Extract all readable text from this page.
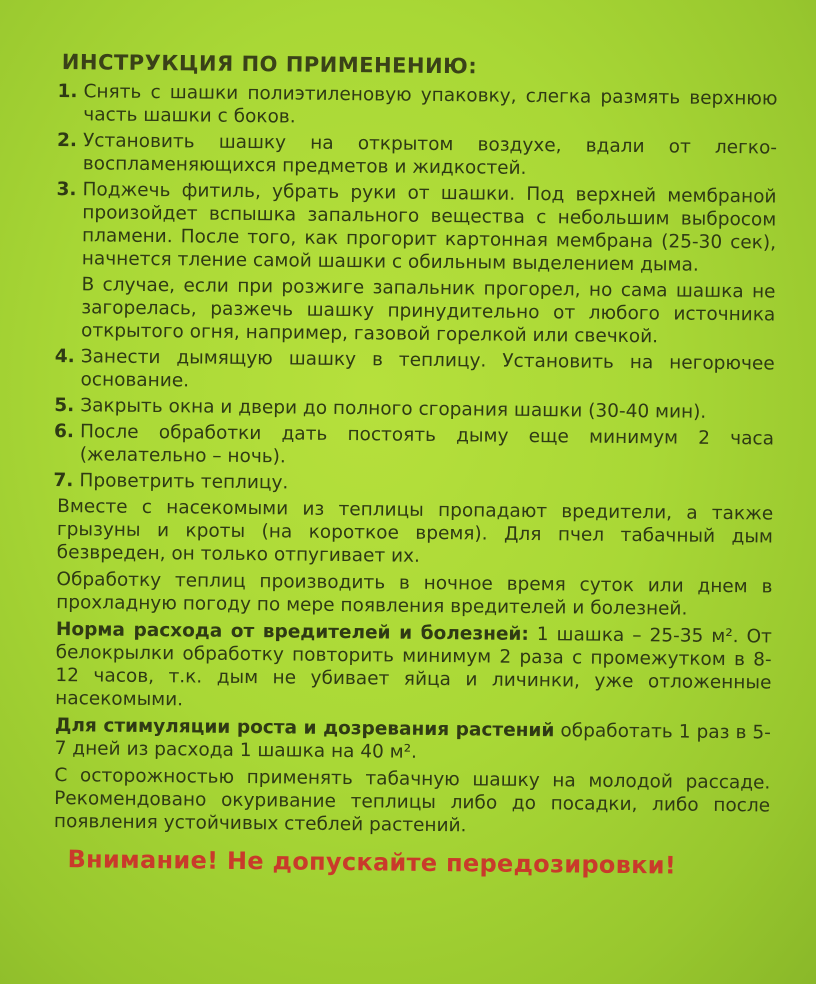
ИНСТРУКЦИЯ ПО ПРИМЕНЕНИЮ:
1. Снять с шашки полиэтиленовую упаковку, слегка размять верхнюю часть шашки с боков.
2. Установить шашку на открытом воздухе, вдали от легко-воспламеняющихся предметов и жидкостей.
3. Поджечь фитиль, убрать руки от шашки. Под верхней мембраной произойдет вспышка запального вещества с небольшим выбросом пламени. После того, как прогорит картонная мембрана (25-30 сек), начнется тление самой шашки с обильным выделением дыма.
В случае, если при розжиге запальник прогорел, но сама шашка не загорелась, разжечь шашку принудительно от любого источника открытого огня, например, газовой горелкой или свечкой.
4. Занести дымящую шашку в теплицу. Установить на негорючее основание.
5. Закрыть окна и двери до полного сгорания шашки (30-40 мин).
6. После обработки дать постоять дыму еще минимум 2 часа (желательно – ночь).
7. Проветрить теплицу.
Вместе с насекомыми из теплицы пропадают вредители, а также грызуны и кроты (на короткое время). Для пчел табачный дым безвреден, он только отпугивает их.
Обработку теплиц производить в ночное время суток или днем в прохладную погоду по мере появления вредителей и болезней.
Норма расхода от вредителей и болезней: 1 шашка – 25-35 м². От белокрылки обработку повторить минимум 2 раза с промежутком в 8-12 часов, т.к. дым не убивает яйца и личинки, уже отложенные насекомыми.
Для стимуляции роста и дозревания растений обработать 1 раз в 5-7 дней из расхода 1 шашка на 40 м².
С осторожностью применять табачную шашку на молодой рассаде. Рекомендовано окуривание теплицы либо до посадки, либо после появления устойчивых стеблей растений.
Внимание! Не допускайте передозировки!
